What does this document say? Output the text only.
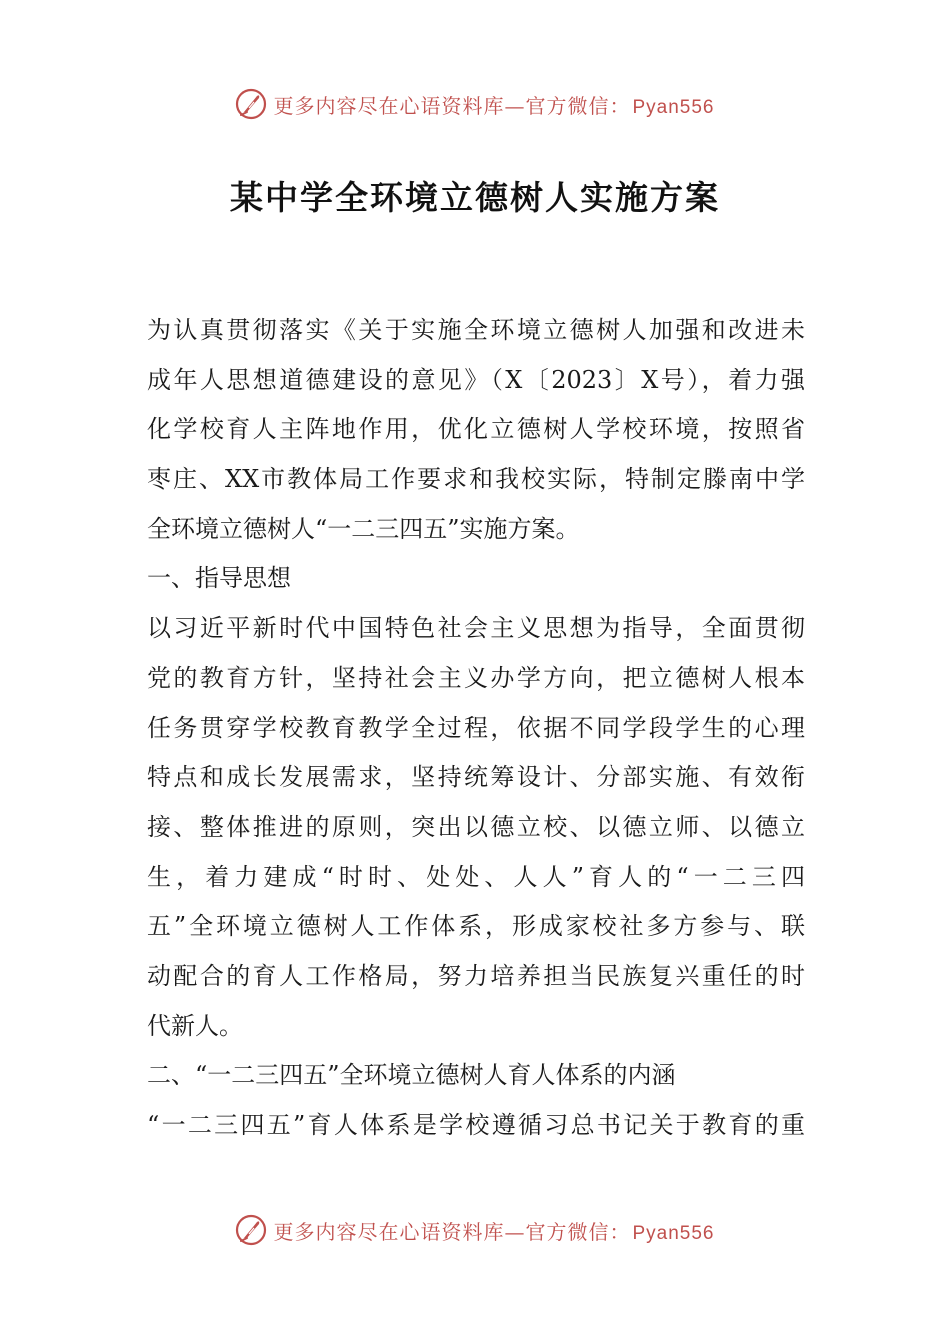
更多内容尽在心语资料库—官方微信： Pyan556
某中学全环境立德树人实施方案
为认真贯彻落实《关于实施全环境立德树人加强和改进未
成年人思想道德建设的意见》（X〔2023〕X号），着力强
化学校育人主阵地作用，优化立德树人学校环境，按照省
枣庄、XX市教体局工作要求和我校实际，特制定滕南中学
全环境立德树人“一二三四五”实施方案。
一、指导思想
以习近平新时代中国特色社会主义思想为指导，全面贯彻
党的教育方针，坚持社会主义办学方向，把立德树人根本
任务贯穿学校教育教学全过程，依据不同学段学生的心理
特点和成长发展需求，坚持统筹设计、分部实施、有效衔
接、整体推进的原则，突出以德立校、以德立师、以德立
生，着力建成“时时、处处、人人”育人的“一二三四
五”全环境立德树人工作体系，形成家校社多方参与、联
动配合的育人工作格局，努力培养担当民族复兴重任的时
代新人。
二、“一二三四五”全环境立德树人育人体系的内涵
“一二三四五”育人体系是学校遵循习总书记关于教育的重
更多内容尽在心语资料库—官方微信： Pyan556
